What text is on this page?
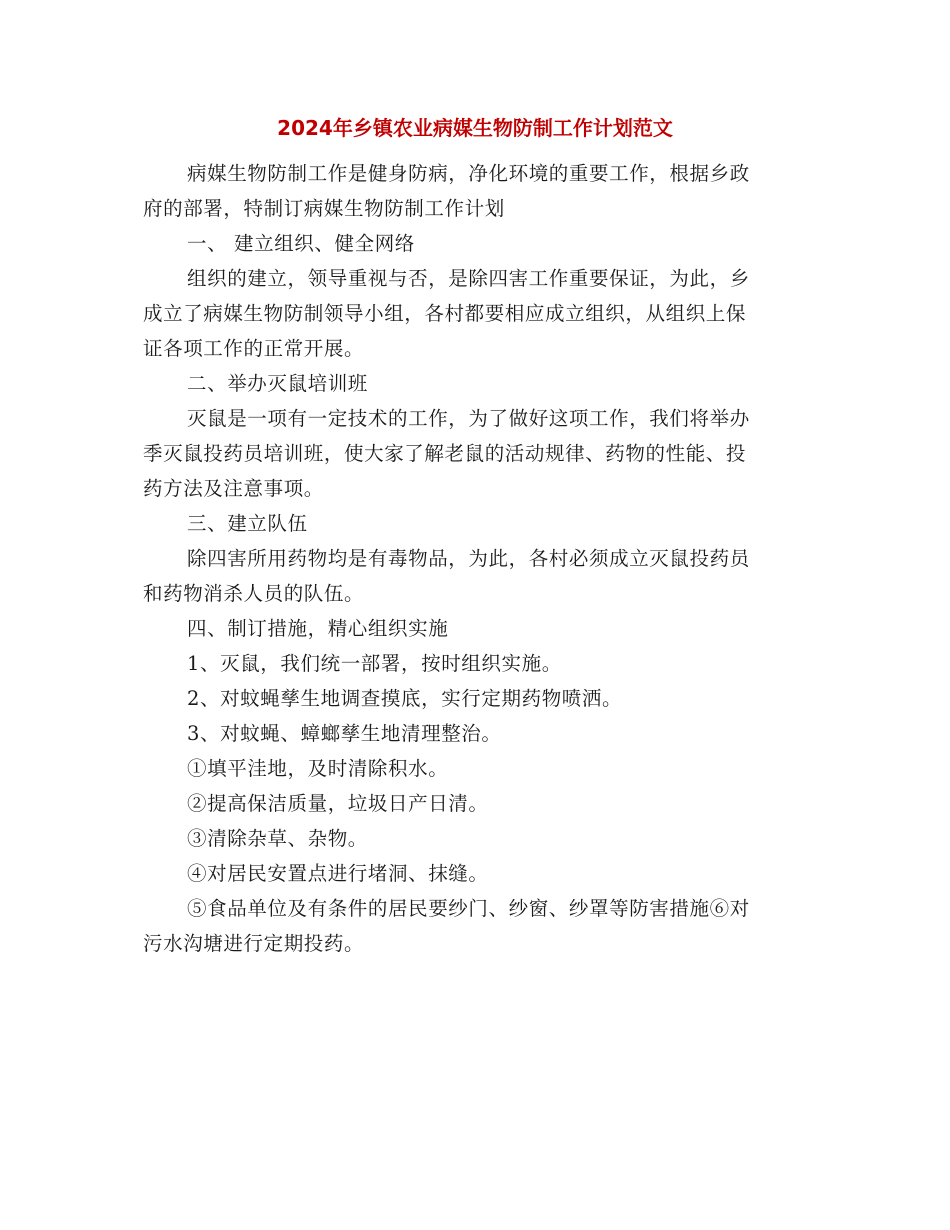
2024年乡镇农业病媒生物防制工作计划范文

病媒生物防制工作是健身防病，净化环境的重要工作，根据乡政
府的部署，特制订病媒生物防制工作计划

一、 建立组织、健全网络

组织的建立，领导重视与否，是除四害工作重要保证，为此，乡
成立了病媒生物防制领导小组，各村都要相应成立组织，从组织上保
证各项工作的正常开展。

二、举办灭鼠培训班

灭鼠是一项有一定技术的工作，为了做好这项工作，我们将举办
季灭鼠投药员培训班，使大家了解老鼠的活动规律、药物的性能、投
药方法及注意事项。

三、建立队伍

除四害所用药物均是有毒物品，为此，各村必须成立灭鼠投药员
和药物消杀人员的队伍。

四、制订措施，精心组织实施

1、灭鼠，我们统一部署，按时组织实施。

2、对蚊蝇孳生地调查摸底，实行定期药物喷洒。

3、对蚊蝇、蟑螂孳生地清理整治。

①填平洼地，及时清除积水。

②提高保洁质量，垃圾日产日清。

③清除杂草、杂物。

④对居民安置点进行堵洞、抹缝。

⑤食品单位及有条件的居民要纱门、纱窗、纱罩等防害措施⑥对
污水沟塘进行定期投药。
